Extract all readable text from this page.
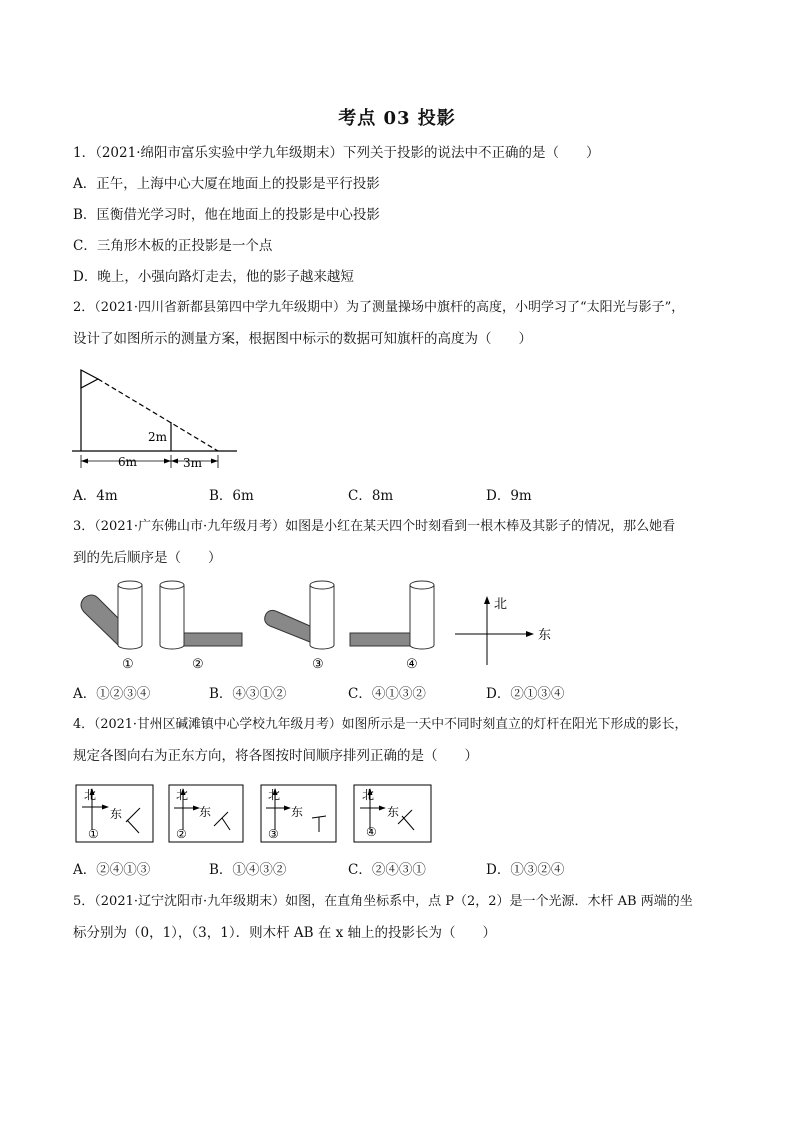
考点 03 投影
1．（2021·绵阳市富乐实验中学九年级期末）下列关于投影的说法中不正确的是（　　）
A．正午，上海中心大厦在地面上的投影是平行投影
B．匡衡借光学习时，他在地面上的投影是中心投影
C．三角形木板的正投影是一个点
D．晚上，小强向路灯走去，他的影子越来越短
2．（2021·四川省新都县第四中学九年级期中）为了测量操场中旗杆的高度，小明学习了“太阳光与影子”，
设计了如图所示的测量方案，根据图中标示的数据可知旗杆的高度为（　　）
2m
6m	3m
A．4m	B．6m	C．8m	D．9m
3．（2021·广东佛山市·九年级月考）如图是小红在某天四个时刻看到一根木棒及其影子的情况，那么她看
到的先后顺序是（　　）
北
东
①	②	③	④
A．①②③④	B．④③①②	C．④①③②	D．②①③④
4．（2021·甘州区碱滩镇中心学校九年级月考）如图所示是一天中不同时刻直立的灯杆在阳光下形成的影长，
规定各图向右为正东方向，将各图按时间顺序排列正确的是（　　）
北	北	北	北
东	东	东	东
①	②	③	④
A．②④①③	B．①④③②	C．②④③①	D．①③②④
5．（2021·辽宁沈阳市·九年级期末）如图，在直角坐标系中，点 P（2，2）是一个光源．木杆 AB 两端的坐
标分别为（0，1），（3，1）．则木杆 AB 在 x 轴上的投影长为（　　）
